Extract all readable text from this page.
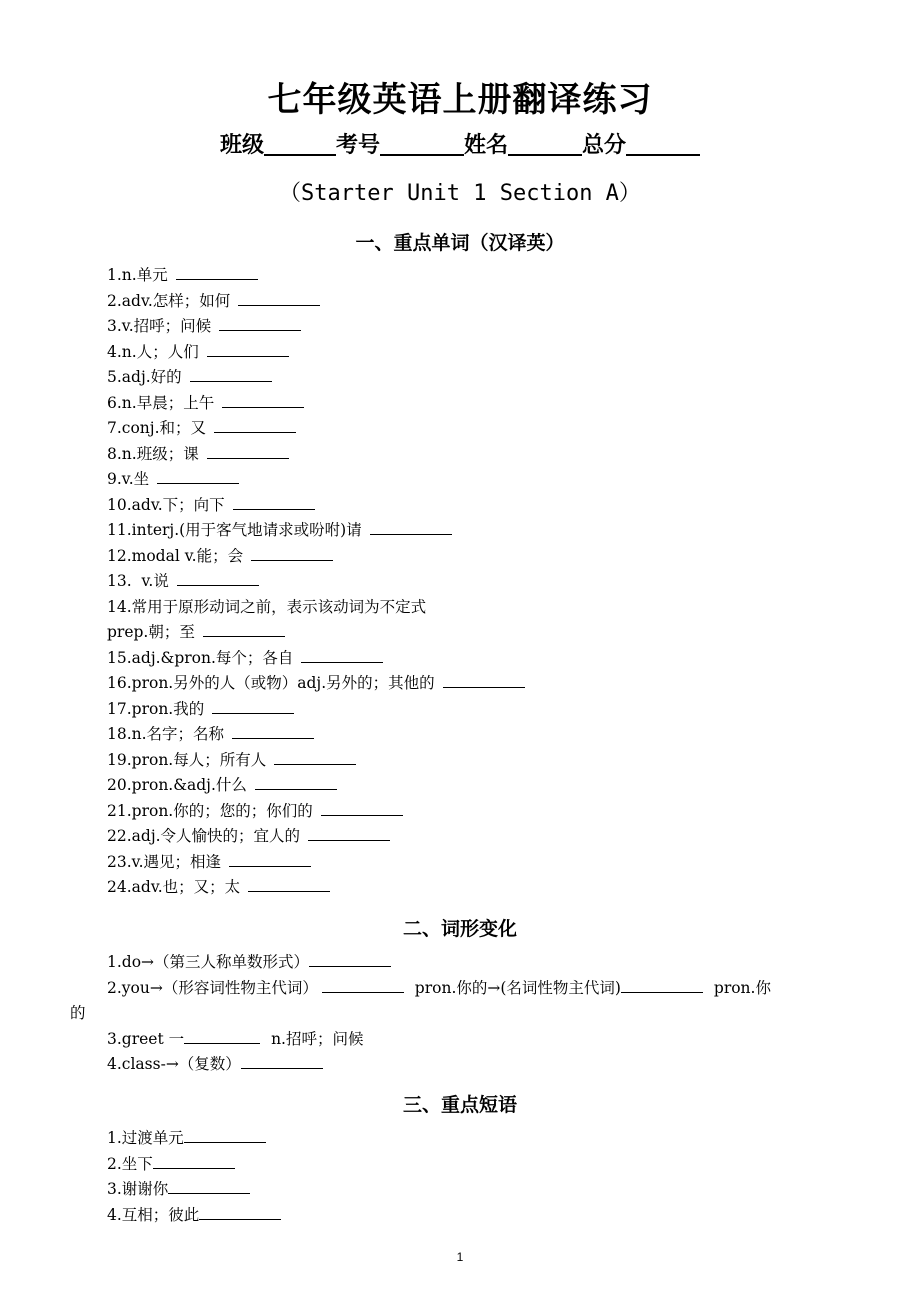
七年级英语上册翻译练习
班级	考号	姓名	总分
（Starter Unit 1 Section A）
一、重点单词（汉译英）
1.n.单元
2.adv.怎样；如何
3.v.招呼；问候
4.n.人；人们
5.adj.好的
6.n.早晨；上午
7.conj.和；又
8.n.班级；课
9.v.坐
10.adv.下；向下
11.interj.(用于客气地请求或吩咐)请
12.modal v.能；会
13.  v.说
14.常用于原形动词之前，表示该动词为不定式
prep.朝；至
15.adj.&pron.每个；各自
16.pron.另外的人（或物）adj.另外的；其他的
17.pron.我的
18.n.名字；名称
19.pron.每人；所有人
20.pron.&adj.什么
21.pron.你的；您的；你们的
22.adj.令人愉快的；宜人的
23.v.遇见；相逢
24.adv.也；又；太
二、词形变化
1.do→（第三人称单数形式）
2.you→（形容词性物主代词）	pron.你的→(名词性物主代词)	pron.你
的
3.greet 一	n.招呼；问候
4.class-→（复数）
三、重点短语
1.过渡单元
2.坐下
3.谢谢你
4.互相；彼此
1
